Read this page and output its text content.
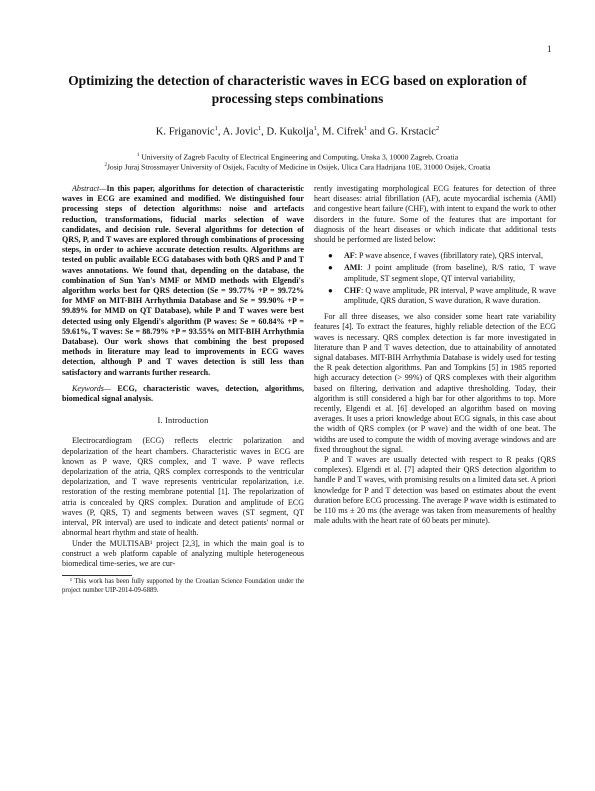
1
Optimizing the detection of characteristic waves in ECG based on exploration of processing steps combinations

K. Friganovic$^1$, A. Jovic$^1$, D. Kukolja$^1$, M. Cifrek$^1$ and G. Krstacic$^2$

$^1$ University of Zagreb Faculty of Electrical Engineering and Computing, Unska 3, 10000 Zagreb, Croatia

$^2$Josip Juraj Strossmayer University of Osijek, Faculty of Medicine in Osijek, Ulica Cara Hadrijana 10E, 31000 Osijek, Croatia

Abstract—In this paper, algorithms for detection of characteristic waves in ECG are examined and modified. We distinguished four processing steps of detection algorithms: noise and artefacts reduction, transformations, fiducial marks selection of wave candidates, and decision rule. Several algorithms for detection of QRS, P, and T waves are explored through combinations of processing steps, in order to achieve accurate detection results. Algorithms are tested on public available ECG databases with both QRS and P and T waves annotations. We found that, depending on the database, the combination of Sun Yan's MMF or MMD methods with Elgendi's algorithm works best for QRS detection (Se = 99.77% +P = 99.72% for MMF on MIT-BIH Arrhythmia Database and Se = 99.90% +P = 99.89% for MMD on QT Database), while P and T waves were best detected using only Elgendi's algorithm (P waves: Se = 60.84% +P = 59.61%, T waves: Se = 88.79% +P = 93.55% on MIT-BIH Arrhythmia Database). Our work shows that combining the best proposed methods in literature may lead to improvements in ECG waves detection, although P and T waves detection is still less than satisfactory and warrants further research.

Keywords— ECG, characteristic waves, detection, algorithms, biomedical signal analysis.

I. Introduction

Electrocardiogram (ECG) reflects electric polarization and depolarization of the heart chambers. Characteristic waves in ECG are known as P wave, QRS complex, and T wave. P wave reflects depolarization of the atria, QRS complex corresponds to the ventricular depolarization, and T wave represents ventricular repolarization, i.e. restoration of the resting membrane potential [1]. The repolarization of atria is concealed by QRS complex. Duration and amplitude of ECG waves (P, QRS, T) and segments between waves (ST segment, QT interval, PR interval) are used to indicate and detect patients' normal or abnormal heart rhythm and state of health.

Under the MULTISAB¹ project [2,3], in which the main goal is to construct a web platform capable of analyzing multiple heterogeneous biomedical time-series, we are cur-

¹ This work has been fully supported by the Croatian Science Foundation under the project number UIP-2014-09-6889.

rently investigating morphological ECG features for detection of three heart diseases: atrial fibrillation (AF), acute myocardial ischemia (AMI) and congestive heart failure (CHF), with intent to expand the work to other disorders in the future. Some of the features that are important for diagnosis of the heart diseases or which indicate that additional tests should be performed are listed below:

● AF: P wave absence, f waves (fibrillatory rate), QRS interval,
● AMI: J point amplitude (from baseline), R/S ratio, T wave amplitude, ST segment slope, QT interval variability,
● CHF: Q wave amplitude, PR interval, P wave amplitude, R wave amplitude, QRS duration, S wave duration, R wave duration.

For all three diseases, we also consider some heart rate variability features [4]. To extract the features, highly reliable detection of the ECG waves is necessary. QRS complex detection is far more investigated in literature than P and T waves detection, due to attainability of annotated signal databases. MIT-BIH Arrhythmia Database is widely used for testing the R peak detection algorithms. Pan and Tompkins [5] in 1985 reported high accuracy detection (> 99%) of QRS complexes with their algorithm based on filtering, derivation and adaptive thresholding. Today, their algorithm is still considered a high bar for other algorithms to top. More recently, Elgendi et al. [6] developed an algorithm based on moving averages. It uses a priori knowledge about ECG signals, in this case about the width of QRS complex (or P wave) and the width of one beat. The widths are used to compute the width of moving average windows and are fixed throughout the signal.

P and T waves are usually detected with respect to R peaks (QRS complexes). Elgendi et al. [7] adapted their QRS detection algorithm to handle P and T waves, with promising results on a limited data set. A priori knowledge for P and T detection was based on estimates about the event duration before ECG processing. The average P wave width is estimated to be 110 ms ± 20 ms (the average was taken from measurements of healthy male adults with the heart rate of 60 beats per minute).
